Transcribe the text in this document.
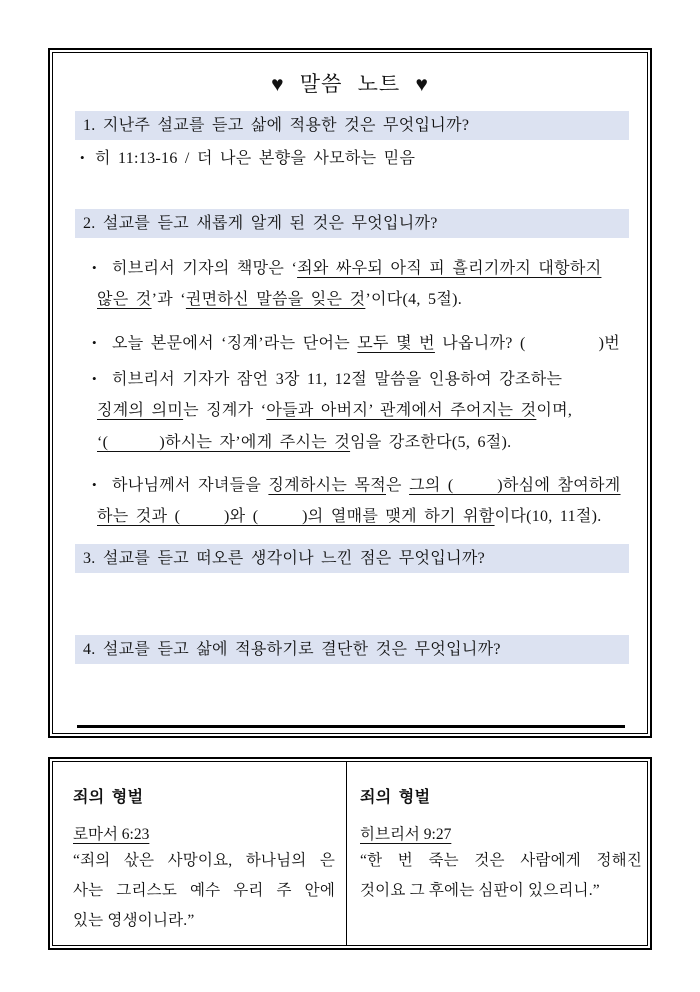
♥ 말씀 노트 ♥
1. 지난주 설교를 듣고 삶에 적용한 것은 무엇입니까?
• 히 11:13-16 / 더 나은 본향을 사모하는 믿음
2. 설교를 듣고 새롭게 알게 된 것은 무엇입니까?
• 히브리서 기자의 책망은 ‘죄와 싸우되 아직 피 흘리기까지 대항하지
않은 것’과 ‘권면하신 말씀을 잊은 것’이다(4, 5절).
• 오늘 본문에서 ‘징계’라는 단어는 모두 몇 번 나옵니까? (          )번
• 히브리서 기자가 잠언 3장 11, 12절 말씀을 인용하여 강조하는
징계의 의미는 징계가 ‘아들과 아버지’ 관계에서 주어지는 것이며,
‘(       )하시는 자’에게 주시는 것임을 강조한다(5, 6절).
• 하나님께서 자녀들을 징계하시는 목적은 그의 (      )하심에 참여하게
하는 것과 (      )와 (      )의 열매를 맺게 하기 위함이다(10, 11절).
3. 설교를 듣고 떠오른 생각이나 느낀 점은 무엇입니까?
4. 설교를 듣고 삶에 적용하기로 결단한 것은 무엇입니까?
죄의 형벌
로마서 6:23
“죄의 삯은 사망이요, 하나님의 은
사는 그리스도 예수 우리 주 안에
있는 영생이니라.”
죄의 형벌
히브리서 9:27
“한 번 죽는 것은 사람에게 정해진
것이요 그 후에는 심판이 있으리니.”
